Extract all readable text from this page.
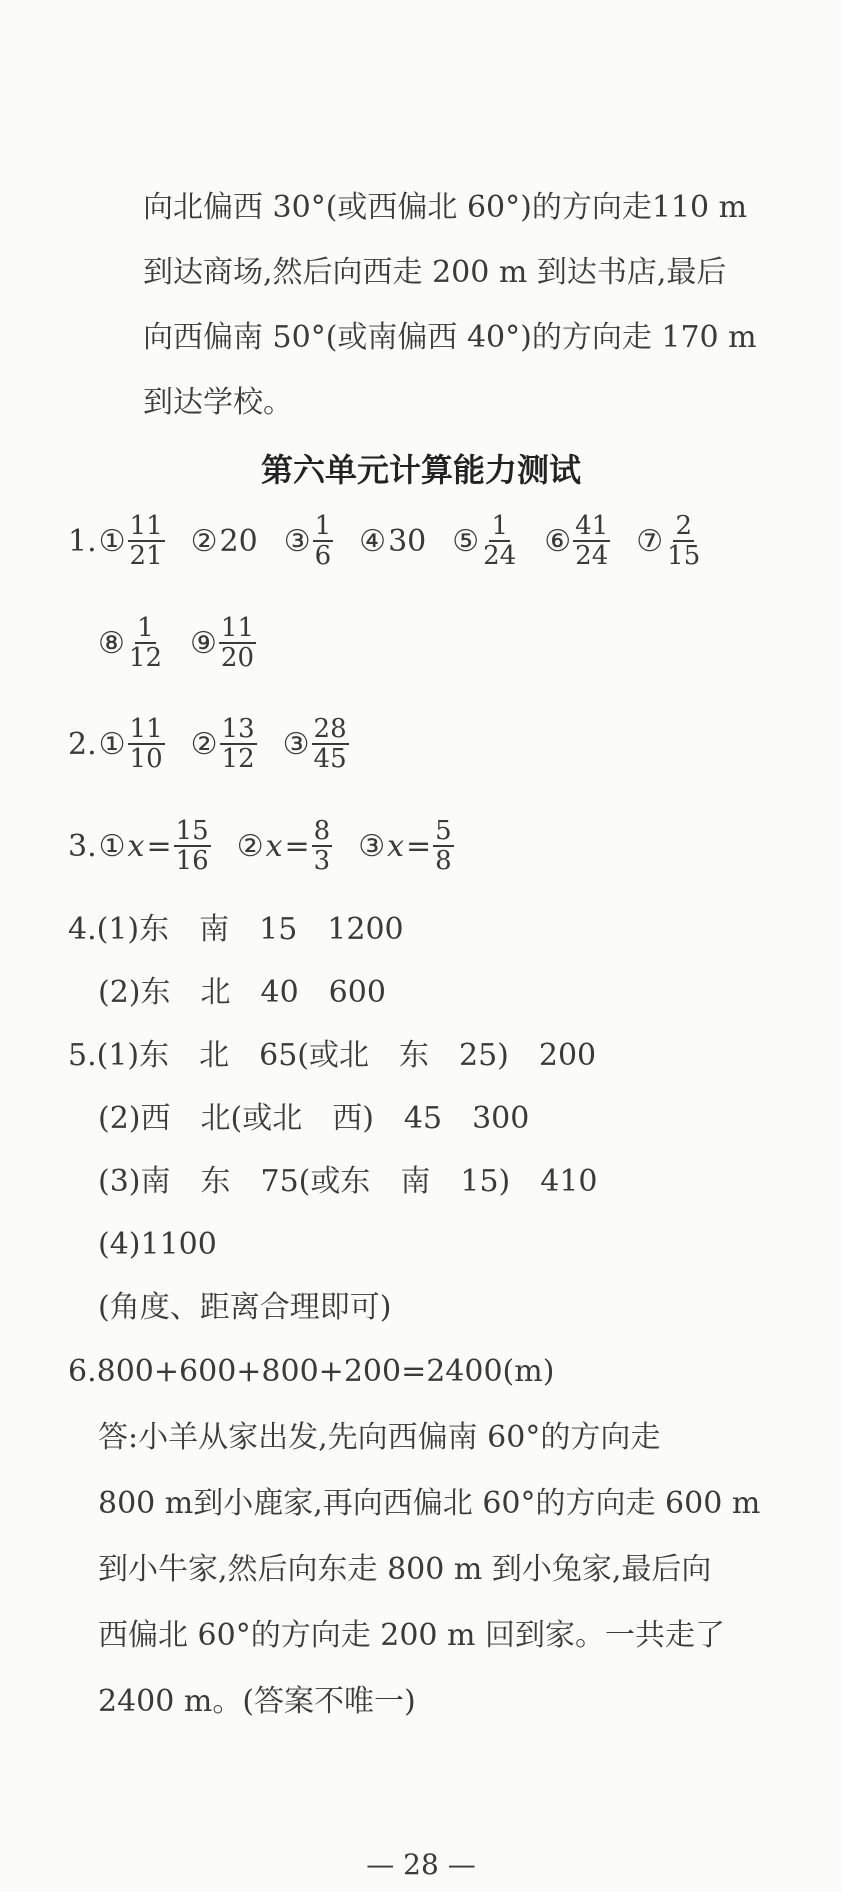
向北偏西 30°(或西偏北 60°)的方向走110 m
到达商场,然后向西走 200 m 到达书店,最后
向西偏南 50°(或南偏西 40°)的方向走 170 m
到达学校。
第六单元计算能力测试
1. ① $\frac{11}{21}$ ② 20 ③ $\frac{1}{6}$ ④ 30 ⑤ $\frac{1}{24}$ ⑥ $\frac{41}{24}$ ⑦ $\frac{2}{15}$
⑧ $\frac{1}{12}$ ⑨ $\frac{11}{20}$
2. ① $\frac{11}{10}$ ② $\frac{13}{12}$ ③ $\frac{28}{45}$
3. ① $x = \frac{15}{16}$ ② $x = \frac{8}{3}$ ③ $x = \frac{5}{8}$
4.(1)东　南　15　1200
(2)东　北　40　600
5.(1)东　北　65(或北　东　25)　200
(2)西　北(或北　西)　45　300
(3)南　东　75(或东　南　15)　410
(4)1100
(角度、距离合理即可)
6.800+600+800+200=2400(m)
答:小羊从家出发,先向西偏南 60°的方向走
800 m到小鹿家,再向西偏北 60°的方向走 600 m
到小牛家,然后向东走 800 m 到小兔家,最后向
西偏北 60°的方向走 200 m 回到家。一共走了
2400 m。(答案不唯一)
— 28 —
